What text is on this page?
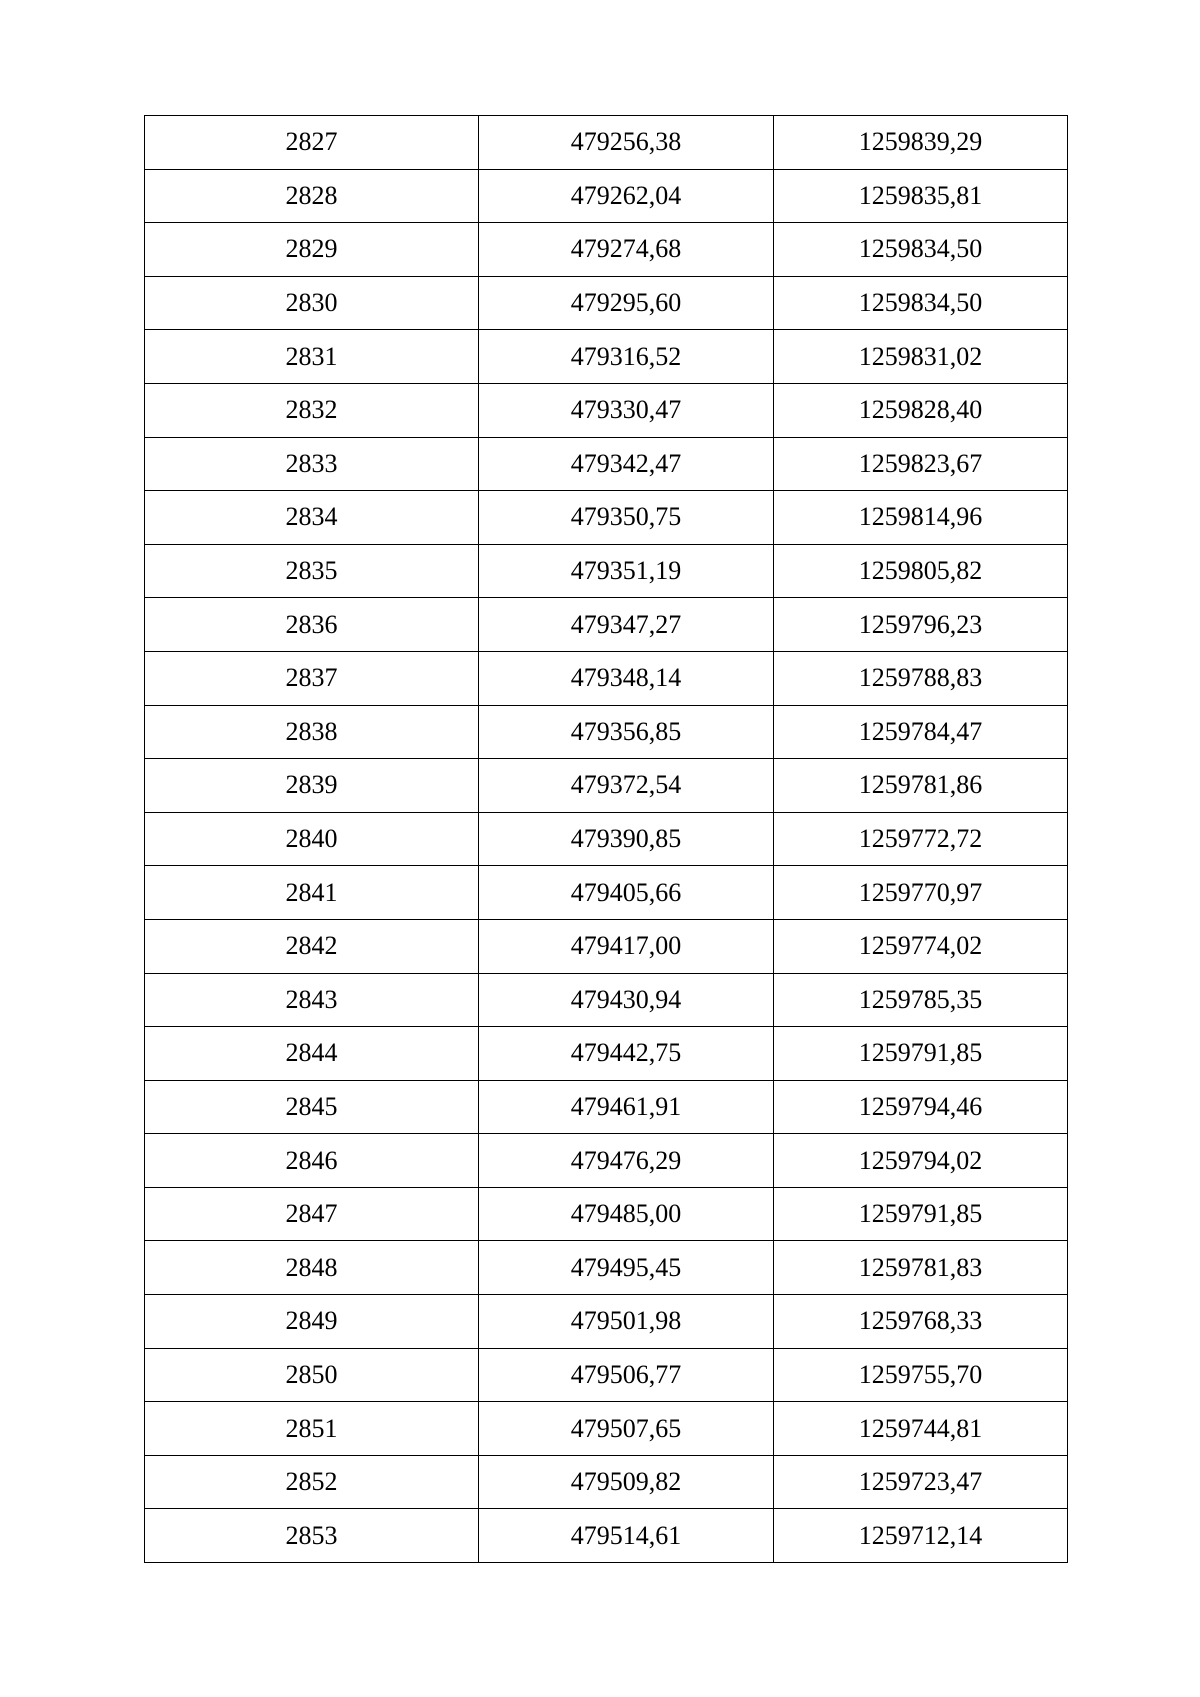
2827	479256,38	1259839,29
2828	479262,04	1259835,81
2829	479274,68	1259834,50
2830	479295,60	1259834,50
2831	479316,52	1259831,02
2832	479330,47	1259828,40
2833	479342,47	1259823,67
2834	479350,75	1259814,96
2835	479351,19	1259805,82
2836	479347,27	1259796,23
2837	479348,14	1259788,83
2838	479356,85	1259784,47
2839	479372,54	1259781,86
2840	479390,85	1259772,72
2841	479405,66	1259770,97
2842	479417,00	1259774,02
2843	479430,94	1259785,35
2844	479442,75	1259791,85
2845	479461,91	1259794,46
2846	479476,29	1259794,02
2847	479485,00	1259791,85
2848	479495,45	1259781,83
2849	479501,98	1259768,33
2850	479506,77	1259755,70
2851	479507,65	1259744,81
2852	479509,82	1259723,47
2853	479514,61	1259712,14
